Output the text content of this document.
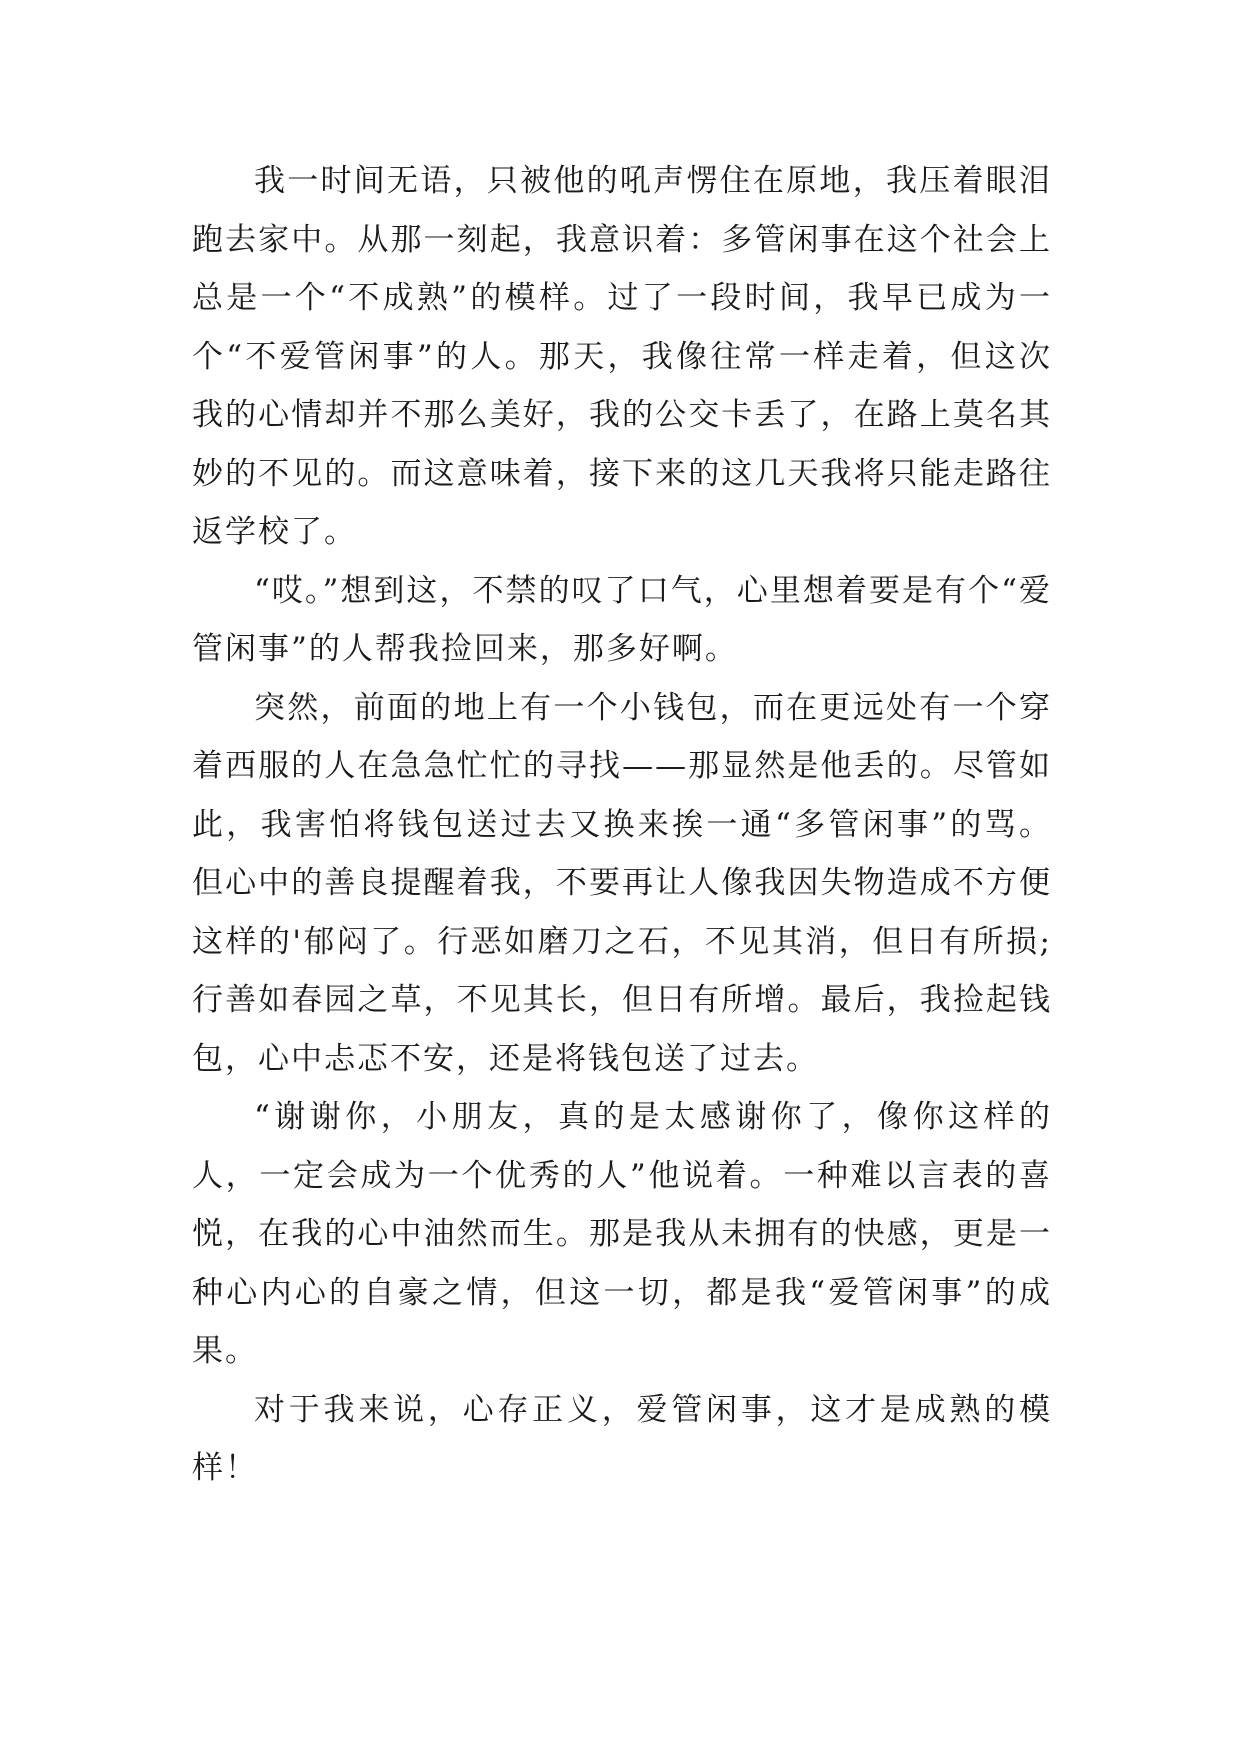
我一时间无语，只被他的吼声愣住在原地，我压着眼泪跑去家中。从那一刻起，我意识着：多管闲事在这个社会上总是一个“不成熟”的模样。过了一段时间，我早已成为一个“不爱管闲事”的人。那天，我像往常一样走着，但这次我的心情却并不那么美好，我的公交卡丢了，在路上莫名其妙的不见的。而这意味着，接下来的这几天我将只能走路往返学校了。

“哎。”想到这，不禁的叹了口气，心里想着要是有个“爱管闲事”的人帮我捡回来，那多好啊。

突然，前面的地上有一个小钱包，而在更远处有一个穿着西服的人在急急忙忙的寻找——那显然是他丢的。尽管如此，我害怕将钱包送过去又换来挨一通“多管闲事”的骂。但心中的善良提醒着我，不要再让人像我因失物造成不方便这样的'郁闷了。行恶如磨刀之石，不见其消，但日有所损;行善如春园之草，不见其长，但日有所增。最后，我捡起钱包，心中忐忑不安，还是将钱包送了过去。

“谢谢你，小朋友，真的是太感谢你了，像你这样的人，一定会成为一个优秀的人”他说着。一种难以言表的喜悦，在我的心中油然而生。那是我从未拥有的快感，更是一种心内心的自豪之情，但这一切，都是我“爱管闲事”的成果。

对于我来说，心存正义，爱管闲事，这才是成熟的模样！
